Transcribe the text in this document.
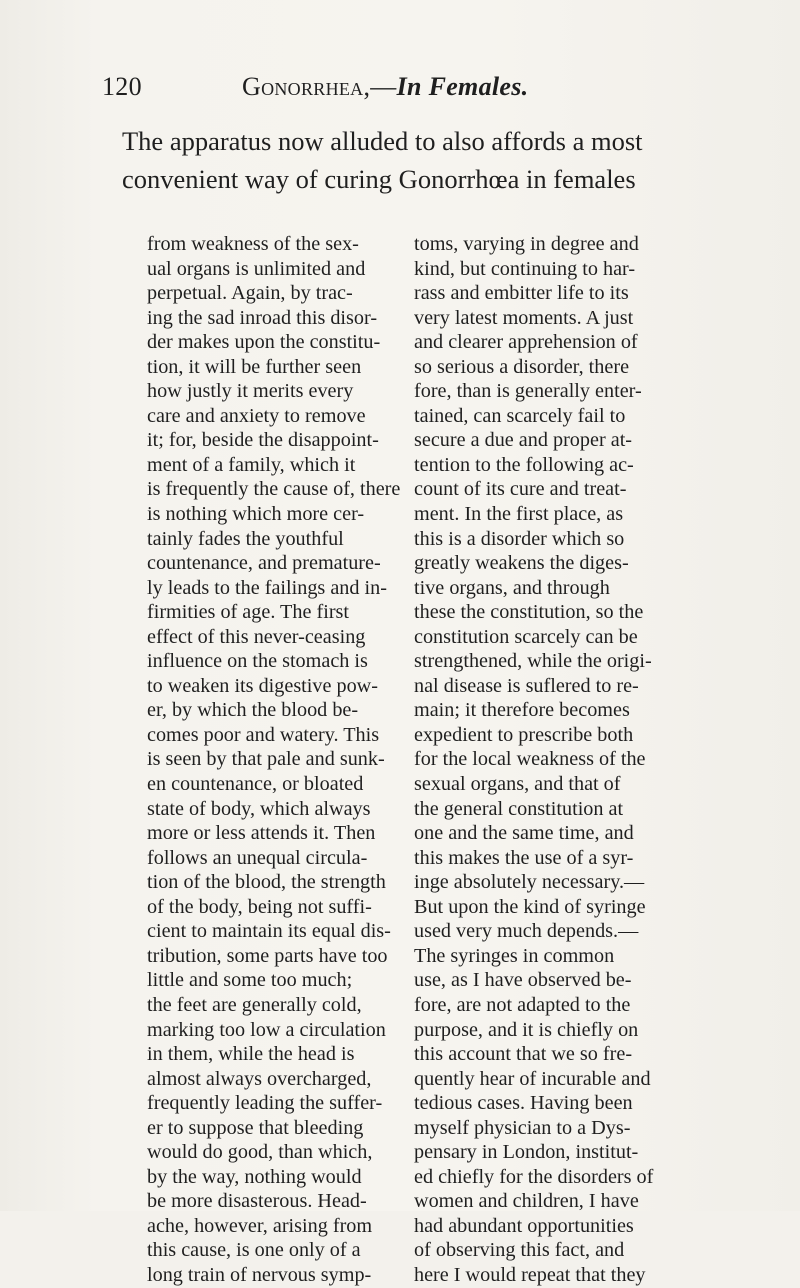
120	Gonorrhea,—In Females.

The apparatus now alluded to also affords a most
convenient way of curing Gonorrhœa in females

from weakness of the sex-
ual organs is unlimited and
perpetual. Again, by trac-
ing the sad inroad this disor-
der makes upon the constitu-
tion, it will be further seen
how justly it merits every
care and anxiety to remove
it; for, beside the disappoint-
ment of a family, which it
is frequently the cause of, there
is nothing which more cer-
tainly fades the youthful
countenance, and premature-
ly leads to the failings and in-
firmities of age. The first
effect of this never-ceasing
influence on the stomach is
to weaken its digestive pow-
er, by which the blood be-
comes poor and watery. This
is seen by that pale and sunk-
en countenance, or bloated
state of body, which always
more or less attends it. Then
follows an unequal circula-
tion of the blood, the strength
of the body, being not suffi-
cient to maintain its equal dis-
tribution, some parts have too
little and some too much;
the feet are generally cold,
marking too low a circulation
in them, while the head is
almost always overcharged,
frequently leading the suffer-
er to suppose that bleeding
would do good, than which,
by the way, nothing would
be more disasterous. Head-
ache, however, arising from
this cause, is one only of a
long train of nervous symp-

toms, varying in degree and
kind, but continuing to har-
rass and embitter life to its
very latest moments. A just
and clearer apprehension of
so serious a disorder, there
fore, than is generally enter-
tained, can scarcely fail to
secure a due and proper at-
tention to the following ac-
count of its cure and treat-
ment. In the first place, as
this is a disorder which so
greatly weakens the diges-
tive organs, and through
these the constitution, so the
constitution scarcely can be
strengthened, while the origi-
nal disease is suflered to re-
main; it therefore becomes
expedient to prescribe both
for the local weakness of the
sexual organs, and that of
the general constitution at
one and the same time, and
this makes the use of a syr-
inge absolutely necessary.—
But upon the kind of syringe
used very much depends.—
The syringes in common
use, as I have observed be-
fore, are not adapted to the
purpose, and it is chiefly on
this account that we so fre-
quently hear of incurable and
tedious cases. Having been
myself physician to a Dys-
pensary in London, institut-
ed chiefly for the disorders of
women and children, I have
had abundant opportunities
of observing this fact, and
here I would repeat that they
